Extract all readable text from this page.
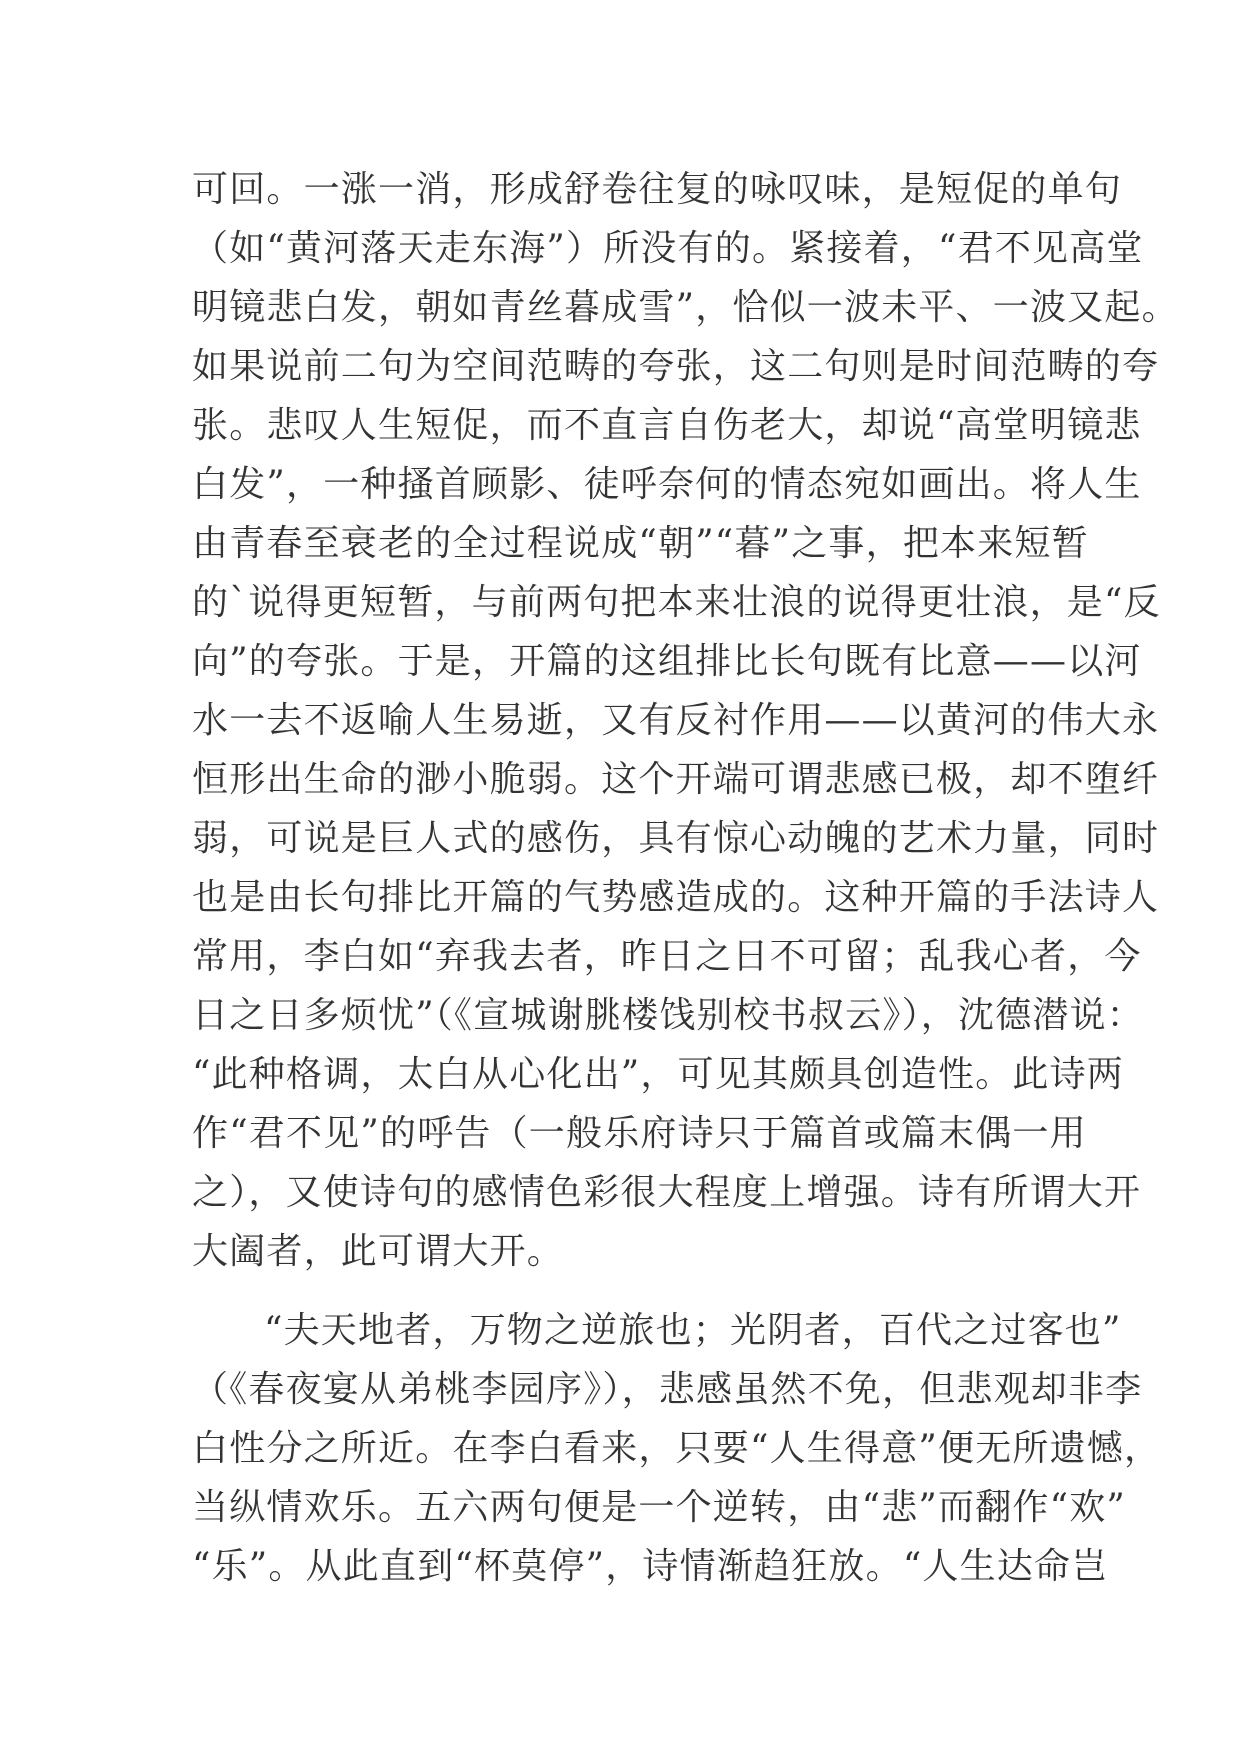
可回。一涨一消，形成舒卷往复的咏叹味，是短促的单句
（如“黄河落天走东海”）所没有的。紧接着，“君不见高堂
明镜悲白发，朝如青丝暮成雪”，恰似一波未平、一波又起。
如果说前二句为空间范畴的夸张，这二句则是时间范畴的夸
张。悲叹人生短促，而不直言自伤老大，却说“高堂明镜悲
白发”，一种搔首顾影、徒呼奈何的情态宛如画出。将人生
由青春至衰老的全过程说成“朝”“暮”之事，把本来短暂
的`说得更短暂，与前两句把本来壮浪的说得更壮浪，是“反
向”的夸张。于是，开篇的这组排比长句既有比意——以河
水一去不返喻人生易逝，又有反衬作用——以黄河的伟大永
恒形出生命的渺小脆弱。这个开端可谓悲感已极，却不堕纤
弱，可说是巨人式的感伤，具有惊心动魄的艺术力量，同时
也是由长句排比开篇的气势感造成的。这种开篇的手法诗人
常用，李白如“弃我去者，昨日之日不可留；乱我心者，今
日之日多烦忧”（《宣城谢朓楼饯别校书叔云》），沈德潜说：
“此种格调，太白从心化出”，可见其颇具创造性。此诗两
作“君不见”的呼告（一般乐府诗只于篇首或篇末偶一用
之），又使诗句的感情色彩很大程度上增强。诗有所谓大开
大阖者，此可谓大开。
“夫天地者，万物之逆旅也；光阴者，百代之过客也”
（《春夜宴从弟桃李园序》），悲感虽然不免，但悲观却非李
白性分之所近。在李白看来，只要“人生得意”便无所遗憾，
当纵情欢乐。五六两句便是一个逆转，由“悲”而翻作“欢”
“乐”。从此直到“杯莫停”，诗情渐趋狂放。“人生达命岂
